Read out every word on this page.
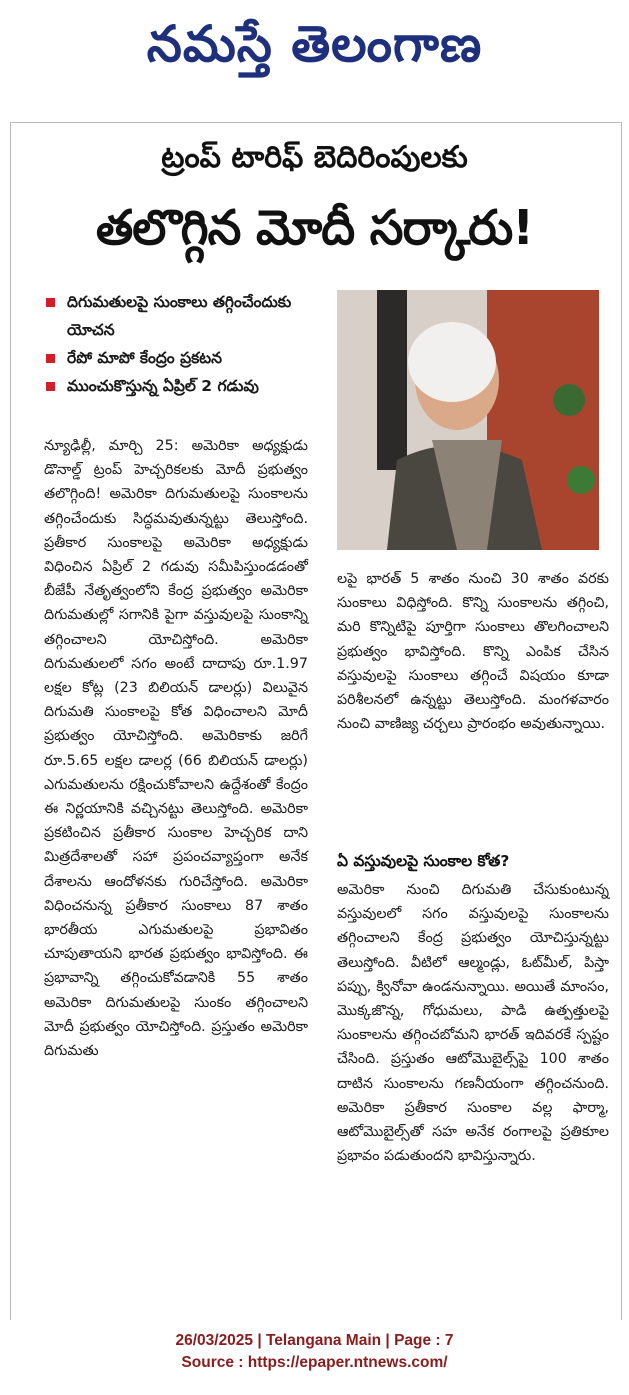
నమస్తే తెలంగాణ
ట్రంప్ టారిఫ్ బెదిరింపులకు
తలొగ్గిన మోదీ సర్కారు!
దిగుమతులపై సుంకాలు తగ్గించేందుకు యోచన
రేపో మాపో కేంద్రం ప్రకటన
ముంచుకొస్తున్న ఏప్రిల్ 2 గడువు
న్యూఢిల్లీ, మార్చి 25: అమెరికా అధ్యక్షుడు డొనాల్డ్ ట్రంప్ హెచ్చరికలకు మోదీ ప్రభుత్వం తలొగ్గింది! అమెరికా దిగుమతులపై సుంకాలను తగ్గించేందుకు సిద్ధమవుతున్నట్టు తెలుస్తోంది. ప్రతీకార సుంకాలపై అమెరికా అధ్యక్షుడు విధించిన ఏప్రిల్ 2 గడువు సమీపిస్తుండడంతో బీజేపీ నేతృత్వంలోని కేంద్ర ప్రభుత్వం అమెరికా దిగుమతుల్లో సగానికి పైగా వస్తువులపై సుంకాన్ని తగ్గించాలని యోచిస్తోంది. అమెరికా దిగుమతులలో సగం అంటే దాదాపు రూ.1.97 లక్షల కోట్ల (23 బిలియన్ డాలర్లు) విలువైన దిగుమతి సుంకాలపై కోత విధించాలని మోదీ ప్రభుత్వం యోచిస్తోంది. అమెరికాకు జరిగే రూ.5.65 లక్షల డాలర్ల (66 బిలియన్ డాలర్లు) ఎగుమతులను రక్షించుకోవాలని ఉద్దేశంతో కేంద్రం ఈ నిర్ణయానికి వచ్చినట్టు తెలుస్తోంది. అమెరికా ప్రకటించిన ప్రతీకార సుంకాల హెచ్చరిక దాని మిత్రదేశాలతో సహా ప్రపంచవ్యాప్తంగా అనేక దేశాలను ఆందోళనకు గురిచేస్తోంది. అమెరికా విధించనున్న ప్రతీకార సుంకాలు 87 శాతం భారతీయ ఎగుమతులపై ప్రభావితం చూపుతాయని భారత ప్రభుత్వం భావిస్తోంది. ఈ ప్రభావాన్ని తగ్గించుకోవడానికి 55 శాతం అమెరికా దిగుమతులపై సుంకం తగ్గించాలని మోదీ ప్రభుత్వం యోచిస్తోంది. ప్రస్తుతం అమెరికా దిగుమతు
లపై భారత్ 5 శాతం నుంచి 30 శాతం వరకు సుంకాలు విధిస్తోంది. కొన్ని సుంకాలను తగ్గించి, మరి కొన్నిటిపై పూర్తిగా సుంకాలు తొలగించాలని ప్రభుత్వం భావిస్తోంది. కొన్ని ఎంపిక చేసిన వస్తువులపై సుంకాలు తగ్గించే విషయం కూడా పరిశీలనలో ఉన్నట్టు తెలుస్తోంది. మంగళవారం నుంచి వాణిజ్య చర్చలు ప్రారంభం అవుతున్నాయి.
ఏ వస్తువులపై సుంకాల కోత?
అమెరికా నుంచి దిగుమతి చేసుకుంటున్న వస్తువులలో సగం వస్తువులపై సుంకాలను తగ్గించాలని కేంద్ర ప్రభుత్వం యోచిస్తున్నట్టు తెలుస్తోంది. వీటిలో ఆల్మండ్లు, ఓట్‌మీల్, పిస్తా పప్పు, క్వినోవా ఉండనున్నాయి. అయితే మాంసం, మొక్కజొన్న, గోధుమలు, పాడి ఉత్పత్తులపై సుంకాలను తగ్గించబోమని భారత్ ఇదివరకే స్పష్టం చేసింది. ప్రస్తుతం ఆటోమొబైల్స్‌పై 100 శాతం దాటిన సుంకాలను గణనీయంగా తగ్గించనుంది. అమెరికా ప్రతీకార సుంకాల వల్ల ఫార్మా, ఆటోమొబైల్స్‌తో సహ అనేక రంగాలపై ప్రతికూల ప్రభావం పడుతుందని భావిస్తున్నారు.
26/03/2025 | Telangana Main | Page : 7
Source : https://epaper.ntnews.com/
